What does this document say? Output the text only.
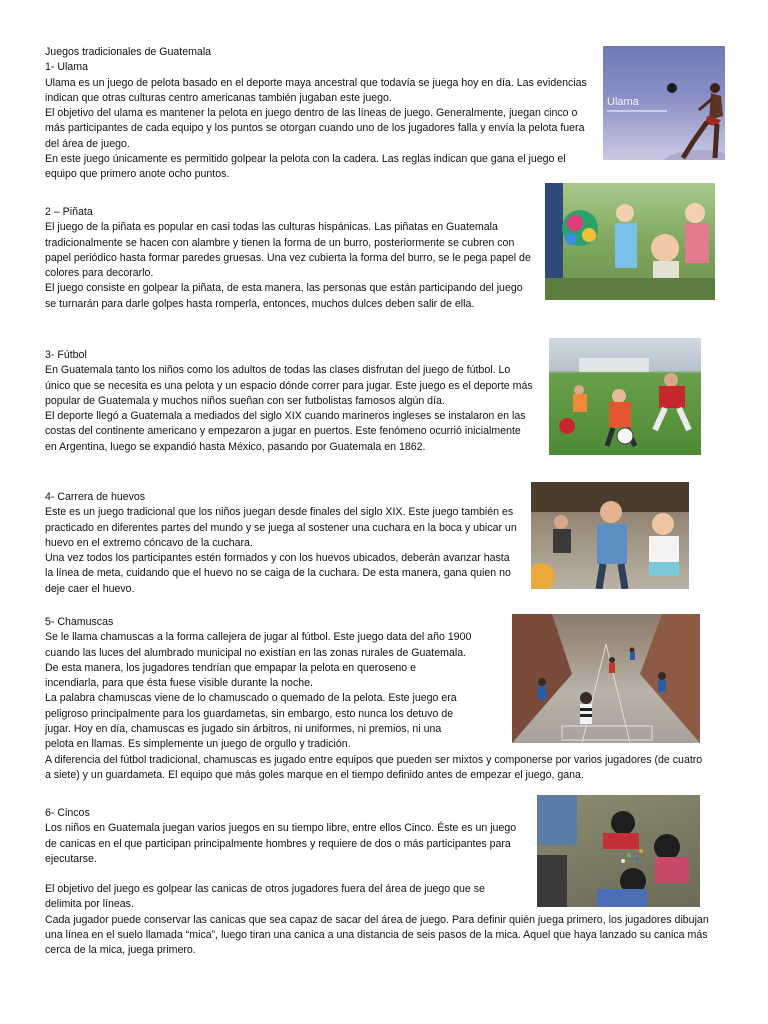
Juegos tradicionales de Guatemala

1- Ulama

Ulama es un juego de pelota basado en el deporte maya ancestral que todavía se juega hoy en día. Las evidencias indican que otras culturas centro americanas también jugaban este juego.

El objetivo del ulama es mantener la pelota en juego dentro de las líneas de juego. Generalmente, juegan cinco o más participantes de cada equipo y los puntos se otorgan cuando uno de los jugadores falla y envía la pelota fuera del área de juego.

En este juego únicamente es permitido golpear la pelota con la cadera. Las reglas indican que gana el juego el equipo que primero anote ocho puntos.

Ulama

2 – Piñata

El juego de la piñata es popular en casi todas las culturas hispánicas. Las piñatas en Guatemala tradicionalmente se hacen con alambre y tienen la forma de un burro, posteriormente se cubren con papel periódico hasta formar paredes gruesas. Una vez cubierta la forma del burro, se le pega papel de colores para decorarlo.

El juego consiste en golpear la piñata, de esta manera, las personas que están participando del juego se turnarán para darle golpes hasta romperla, entonces, muchos dulces deben salir de ella.

3- Fútbol

En Guatemala tanto los niños como los adultos de todas las clases disfrutan del juego de fútbol. Lo único que se necesita es una pelota y un espacio dónde correr para jugar. Este juego es el deporte más popular de Guatemala y muchos niños sueñan con ser futbolistas famosos algún día.

El deporte llegó a Guatemala a mediados del siglo XIX cuando marineros ingleses se instalaron en las costas del continente americano y empezaron a jugar en puertos. Este fenómeno ocurrió inicialmente en Argentina, luego se expandió hasta México, pasando por Guatemala en 1862.

4- Carrera de huevos

Este es un juego tradicional que los niños juegan desde finales del siglo XIX. Este juego también es practicado en diferentes partes del mundo y se juega al sostener una cuchara en la boca y ubicar un huevo en el extremo cóncavo de la cuchara.

Una vez todos los participantes estén formados y con los huevos ubicados, deberán avanzar hasta la línea de meta, cuidando que el huevo no se caiga de la cuchara. De esta manera, gana quien no deje caer el huevo.

5- Chamuscas

Se le llama chamuscas a la forma callejera de jugar al fútbol. Este juego data del año 1900 cuando las luces del alumbrado municipal no existían en las zonas rurales de Guatemala. De esta manera, los jugadores tendrían que empapar la pelota en queroseno e incendiarla, para que ésta fuese visible durante la noche.

La palabra chamuscas viene de lo chamuscado o quemado de la pelota. Este juego era peligroso principalmente para los guardametas, sin embargo, esto nunca los detuvo de jugar. Hoy en día, chamuscas es jugado sin árbitros, ni uniformes, ni premios, ni una pelota en llamas. Es simplemente un juego de orgullo y tradición.

A diferencia del fútbol tradicional, chamuscas es jugado entre equipos que pueden ser mixtos y componerse por varios jugadores (de cuatro a siete) y un guardameta. El equipo que más goles marque en el tiempo definido antes de empezar el juego, gana.

6- Cincos

Los niños en Guatemala juegan varios juegos en su tiempo libre, entre ellos Cinco. Éste es un juego de canicas en el que participan principalmente hombres y requiere de dos o más participantes para ejecutarse.

El objetivo del juego es golpear las canicas de otros jugadores fuera del área de juego que se delimita por líneas.

Cada jugador puede conservar las canicas que sea capaz de sacar del área de juego. Para definir quién juega primero, los jugadores dibujan una línea en el suelo llamada “mica”, luego tiran una canica a una distancia de seis pasos de la mica. Aquel que haya lanzado su canica más cerca de la mica, juega primero.
